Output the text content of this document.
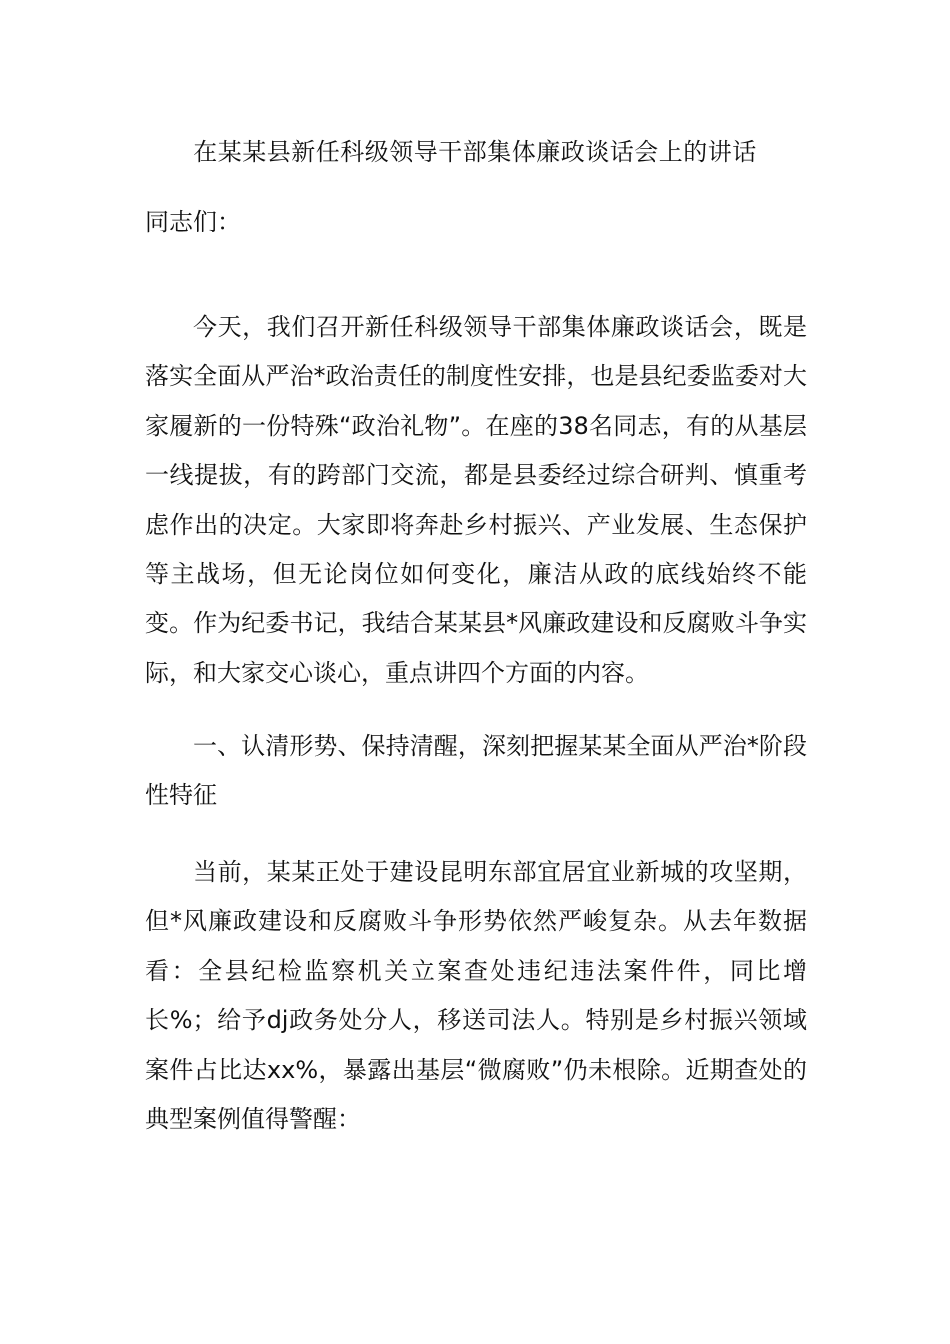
在某某县新任科级领导干部集体廉政谈话会上的讲话

同志们：

今天，我们召开新任科级领导干部集体廉政谈话会，既是落实全面从严治*政治责任的制度性安排，也是县纪委监委对大家履新的一份特殊“政治礼物”。在座的38名同志，有的从基层一线提拔，有的跨部门交流，都是县委经过综合研判、慎重考虑作出的决定。大家即将奔赴乡村振兴、产业发展、生态保护等主战场，但无论岗位如何变化，廉洁从政的底线始终不能变。作为纪委书记，我结合某某县*风廉政建设和反腐败斗争实际，和大家交心谈心，重点讲四个方面的内容。

一、认清形势、保持清醒，深刻把握某某全面从严治*阶段性特征

当前，某某正处于建设昆明东部宜居宜业新城的攻坚期，但*风廉政建设和反腐败斗争形势依然严峻复杂。从去年数据看：全县纪检监察机关立案查处违纪违法案件件，同比增长%；给予dj政务处分人，移送司法人。特别是乡村振兴领域案件占比达xx%，暴露出基层“微腐败”仍未根除。近期查处的典型案例值得警醒：
